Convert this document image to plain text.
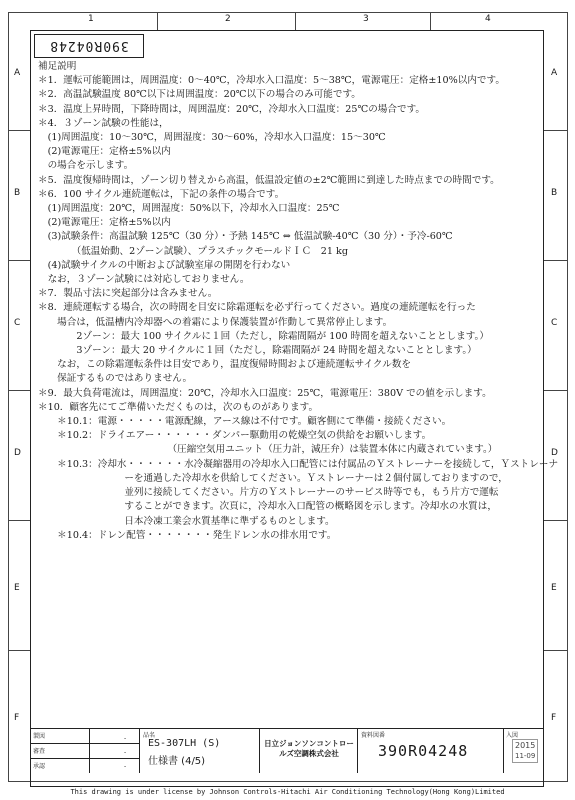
1	2	3	4
A
B
C
D
E
F
A
B
C
D
E
F
390R04248
補足説明
＊1．運転可能範囲は，周囲温度：0～40℃，冷却水入口温度：5～38℃，電源電圧：定格±10%以内です。
＊2．高温試験温度 80℃以下は周囲温度：20℃以下の場合のみ可能です。
＊3．温度上昇時間，下降時間は，周囲温度：20℃，冷却水入口温度：25℃の場合です。
＊4．３ゾーン試験の性能は，
　(1)周囲温度：10～30℃，周囲湿度：30～60%，冷却水入口温度：15～30℃
　(2)電源電圧：定格±5%以内
　の場合を示します。
＊5．温度復帰時間は，ゾーン切り替えから高温，低温設定値の±2℃範囲に到達した時点までの時間です。
＊6．100 サイクル連続運転は，下記の条件の場合です。
　(1)周囲温度：20℃，周囲湿度：50%以下，冷却水入口温度：25℃
　(2)電源電圧：定格±5%以内
　(3)試験条件：高温試験 125℃（30 分）・予熱 145℃ ⇔ 低温試験-40℃（30 分）・予冷-60℃
　　　　（低温始動、2ゾーン試験）、プラスチックモールドＩＣ　21 kg
　(4)試験サイクルの中断および試験室扉の開閉を行わない
　なお，３ゾーン試験には対応しておりません。
＊7．製品寸法に突起部分は含みません。
＊8．連続運転する場合，次の時間を目安に除霜運転を必ず行ってください。過度の連続運転を行った
　　場合は，低温槽内冷却器への着霜により保護装置が作動して異常停止します。
　　　　2ゾーン：最大 100 サイクルに１回（ただし，除霜間隔が 100 時間を超えないこととします。）
　　　　3ゾーン：最大 20 サイクルに１回（ただし，除霜間隔が 24 時間を超えないこととします。）
　　なお，この除霜運転条件は目安であり，温度復帰時間および連続運転サイクル数を
　　保証するものではありません。
＊9．最大負荷電流は，周囲温度：20℃，冷却水入口温度：25℃，電源電圧：380V での値を示します。
＊10．顧客先にてご準備いただくものは，次のものがあります。
　　＊10.1：電源・・・・・電源配線，アース線は不付です。顧客側にて準備・接続ください。
　　＊10.2：ドライエアー・・・・・・ダンパー駆動用の乾燥空気の供給をお願いします。
　　　　　　　　　　　　　　（圧縮空気用ユニット（圧力計，減圧弁）は装置本体に内蔵されています。）
　　＊10.3：冷却水・・・・・・水冷凝縮器用の冷却水入口配管には付属品のＹストレーナーを接続して，Ｙストレーナ
　　　　　　　　　ーを通過した冷却水を供給してください。Ｙストレーナーは２個付属しておりますので，
　　　　　　　　　並列に接続してください。片方のＹストレーナーのサービス時等でも，もう片方で運転
　　　　　　　　　することができます。次頁に，冷却水入口配管の概略図を示します。冷却水の水質は，
　　　　　　　　　日本冷凍工業会水質基準に準ずるものとします。
　　＊10.4：ドレン配管・・・・・・・発生ドレン水の排水用です。
製図
審査
承認
-
-
-
品名
ES-307LH (S)
仕様書 (4/5)
日立ジョンソンコントロールズ空調株式会社
資料図番
390R04248
入図
2015
11-09
This drawing is under license by Johnson Controls-Hitachi Air Conditioning Technology(Hong Kong)Limited
